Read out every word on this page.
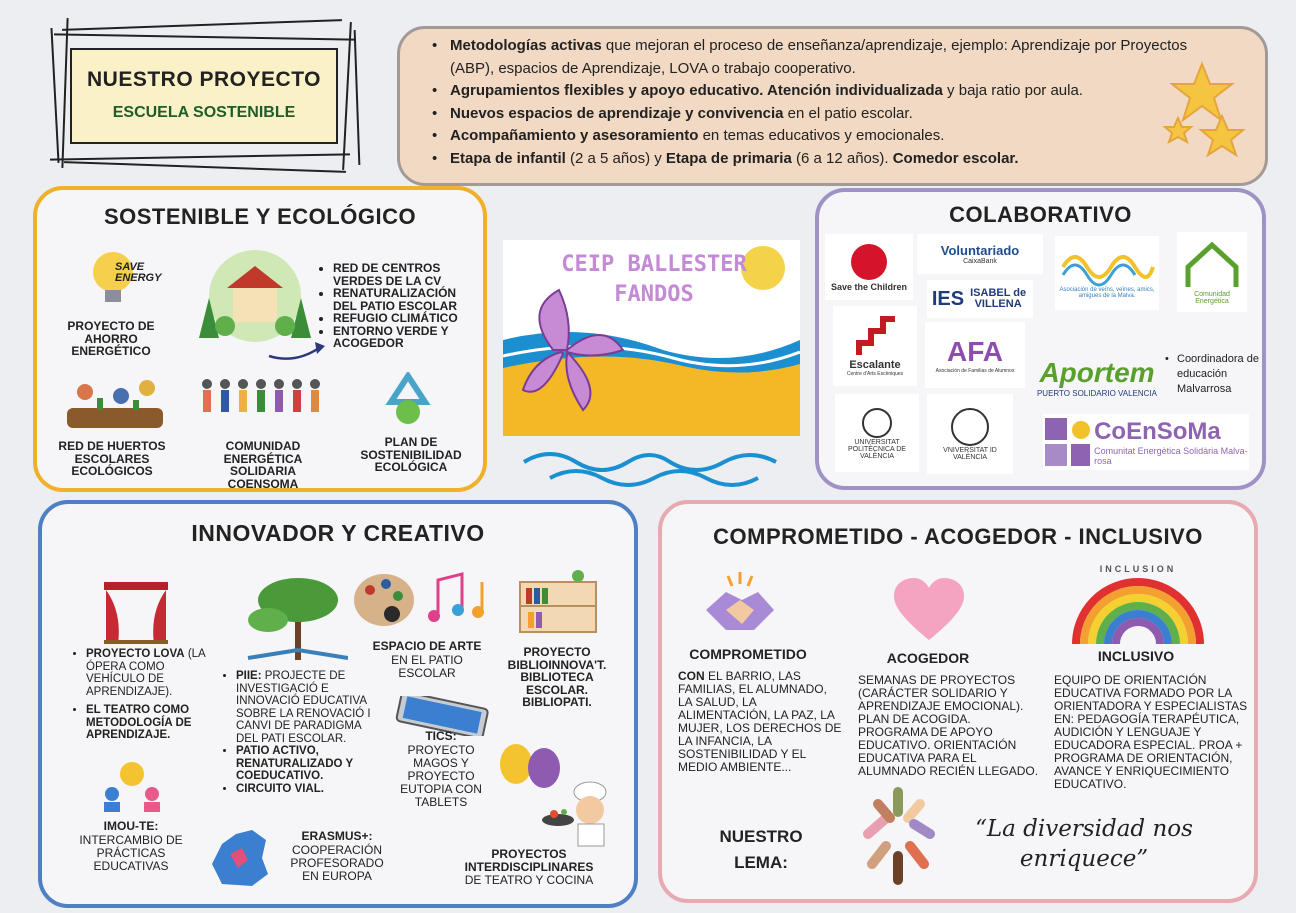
NUESTRO PROYECTO
ESCUELA SOSTENIBLE
• Metodologías activas que mejoran el proceso de enseñanza/aprendizaje, ejemplo: Aprendizaje por Proyectos (ABP), espacios de Aprendizaje, LOVA o trabajo cooperativo.
• Agrupamientos flexibles y apoyo educativo. Atención individualizada y baja ratio por aula.
• Nuevos espacios de aprendizaje y convivencia en el patio escolar.
• Acompañamiento y asesoramiento en temas educativos y emocionales.
• Etapa de infantil (2 a 5 años) y Etapa de primaria (6 a 12 años). Comedor escolar.
SOSTENIBLE Y ECOLÓGICO
SAVE ENERGY
PROYECTO DE AHORRO ENERGÉTICO
• RED DE CENTROS VERDES DE LA CV
• RENATURALIZACIÓN DEL PATIO ESCOLAR
• REFUGIO CLIMÁTICO
• ENTORNO VERDE Y ACOGEDOR
RED DE HUERTOS ESCOLARES ECOLÓGICOS
COMUNIDAD ENERGÉTICA SOLIDARIA COENSOMA
PLAN DE SOSTENIBILIDAD ECOLÓGICA
CEIP BALLESTER
FANDOS
COLABORATIVO
Save the Children
Voluntariado
CaixaBank
Asociación de veïns, veïnes, amics, amigues de la Malva.	Comunidad Energética
IES ISABEL de VILLENA
Escalante
Centre d'Arts Escèniques
AFA
Asociación de Familias de Alumnos Aportem
PUERTO SOLIDARIO VALENCIA
• Coordinadora de educación Malvarrosa
UNIVERSITAT POLITÈCNICA DE VALÈNCIA
VNIVERSITAT ID VALÈNCIA
CoEnSoMa
Comunitat Energètica Solidària Malva-rosa
INNOVADOR Y CREATIVO
• PROYECTO LOVA (LA ÓPERA COMO VEHÍCULO DE APRENDIZAJE).
• EL TEATRO COMO METODOLOGÍA DE APRENDIZAJE.
IMOU-TE:
INTERCAMBIO DE PRÁCTICAS EDUCATIVAS
• PIIE: PROJECTE DE INVESTIGACIÓ E INNOVACIÓ EDUCATIVA SOBRE LA RENOVACIÓ I CANVI DE PARADIGMA DEL PATI ESCOLAR.
• PATIO ACTIVO, RENATURALIZADO Y COEDUCATIVO.
• CIRCUITO VIAL.
ESPACIO DE ARTE
EN EL PATIO ESCOLAR
PROYECTO BIBLIOINNOVA'T. BIBLIOTECA ESCOLAR. BIBLIOPATI.
TICS:
PROYECTO MAGOS Y PROYECTO EUTOPIA CON TABLETS
ERASMUS+:
COOPERACIÓN PROFESORADO EN EUROPA
PROYECTOS INTERDISCIPLINARES
DE TEATRO Y COCINA
COMPROMETIDO - ACOGEDOR - INCLUSIVO
COMPROMETIDO
CON EL BARRIO, LAS FAMILIAS, EL ALUMNADO, LA SALUD, LA ALIMENTACIÓN, LA PAZ, LA MUJER, LOS DERECHOS DE LA INFANCIA, LA SOSTENIBILIDAD Y EL MEDIO AMBIENTE...
ACOGEDOR
SEMANAS DE PROYECTOS (CARÁCTER SOLIDARIO Y APRENDIZAJE EMOCIONAL). PLAN DE ACOGIDA. PROGRAMA DE APOYO EDUCATIVO. ORIENTACIÓN EDUCATIVA PARA EL ALUMNADO RECIÉN LLEGADO.
INCLUSION
INCLUSIVO
EQUIPO DE ORIENTACIÓN EDUCATIVA FORMADO POR LA ORIENTADORA Y ESPECIALISTAS EN: PEDAGOGÍA TERAPÉUTICA, AUDICIÓN Y LENGUAJE Y EDUCADORA ESPECIAL. PROA + PROGRAMA DE ORIENTACIÓN, AVANCE Y ENRIQUECIMIENTO EDUCATIVO.
NUESTRO
LEMA:
“La diversidad nos
enriquece”
